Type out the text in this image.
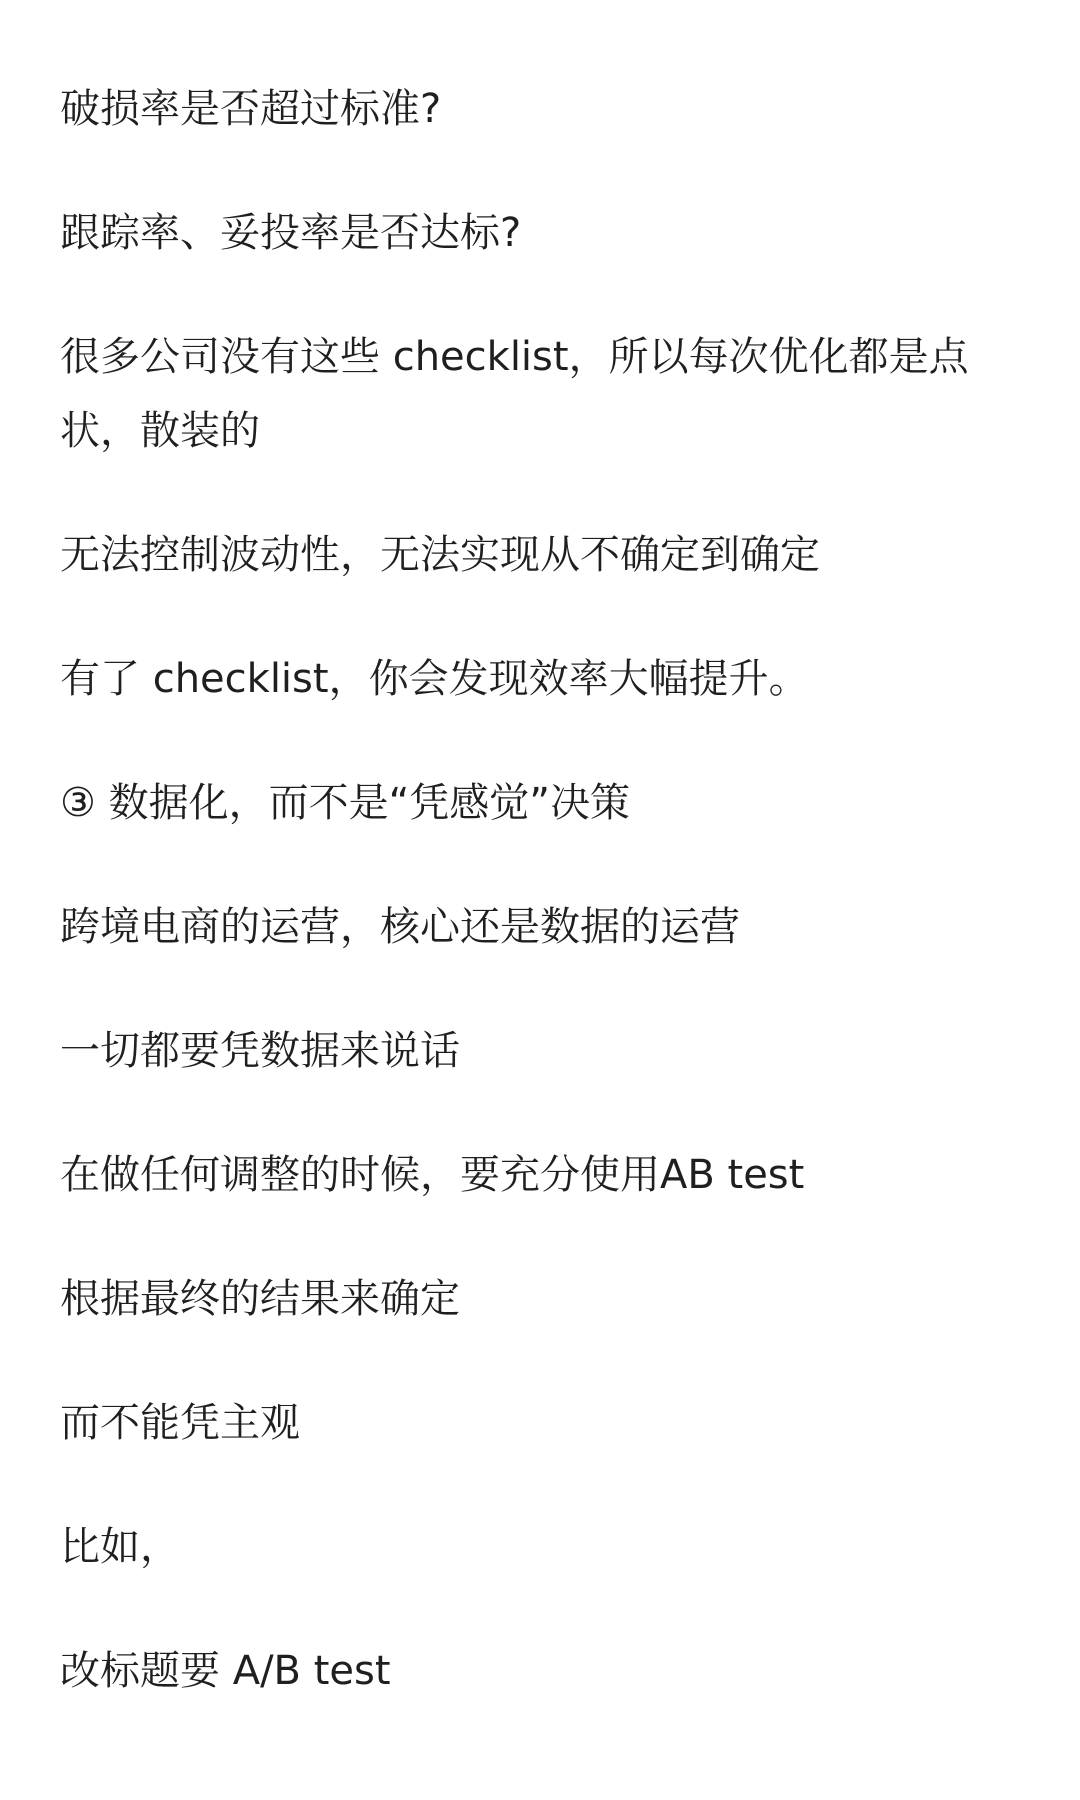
破损率是否超过标准?
跟踪率、妥投率是否达标?
很多公司没有这些 checklist，所以每次优化都是点状，散装的
无法控制波动性，无法实现从不确定到确定
有了 checklist，你会发现效率大幅提升。
③ 数据化，而不是“凭感觉”决策
跨境电商的运营，核心还是数据的运营
一切都要凭数据来说话
在做任何调整的时候，要充分使用AB test
根据最终的结果来确定
而不能凭主观
比如，
改标题要 A/B test
